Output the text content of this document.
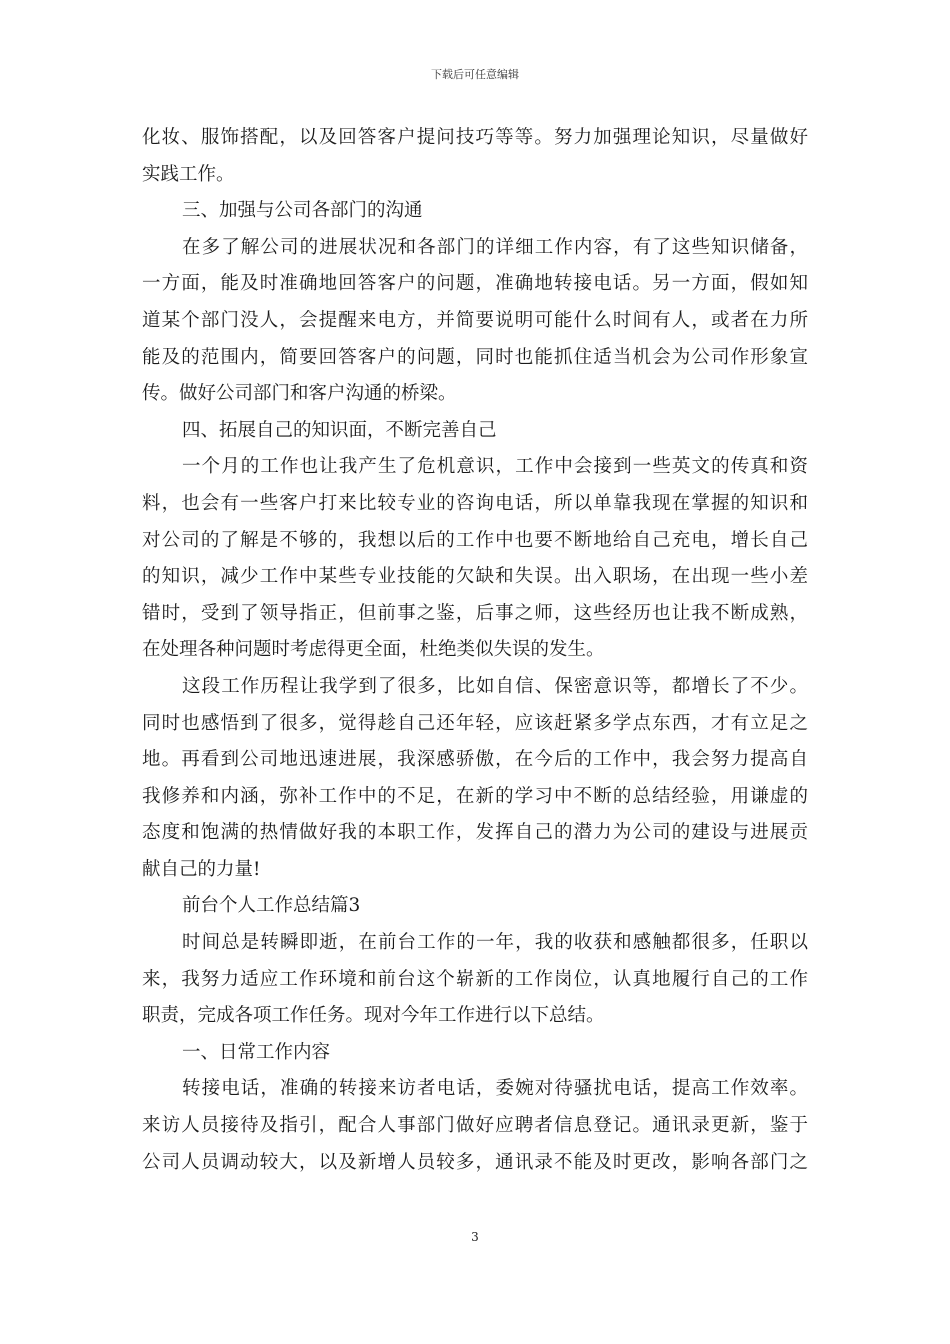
下载后可任意编辑
化妆、服饰搭配，以及回答客户提问技巧等等。努力加强理论知识，尽量做好
实践工作。
三、加强与公司各部门的沟通
在多了解公司的进展状况和各部门的详细工作内容，有了这些知识储备，
一方面，能及时准确地回答客户的问题，准确地转接电话。另一方面，假如知
道某个部门没人，会提醒来电方，并简要说明可能什么时间有人，或者在力所
能及的范围内，简要回答客户的问题，同时也能抓住适当机会为公司作形象宣
传。做好公司部门和客户沟通的桥梁。
四、拓展自己的知识面，不断完善自己
一个月的工作也让我产生了危机意识，工作中会接到一些英文的传真和资
料，也会有一些客户打来比较专业的咨询电话，所以单靠我现在掌握的知识和
对公司的了解是不够的，我想以后的工作中也要不断地给自己充电，增长自己
的知识，减少工作中某些专业技能的欠缺和失误。出入职场，在出现一些小差
错时，受到了领导指正，但前事之鉴，后事之师，这些经历也让我不断成熟，
在处理各种问题时考虑得更全面，杜绝类似失误的发生。
这段工作历程让我学到了很多，比如自信、保密意识等，都增长了不少。
同时也感悟到了很多，觉得趁自己还年轻，应该赶紧多学点东西，才有立足之
地。再看到公司地迅速进展，我深感骄傲，在今后的工作中，我会努力提高自
我修养和内涵，弥补工作中的不足，在新的学习中不断的总结经验，用谦虚的
态度和饱满的热情做好我的本职工作，发挥自己的潜力为公司的建设与进展贡
献自己的力量!
前台个人工作总结篇3
时间总是转瞬即逝，在前台工作的一年，我的收获和感触都很多，任职以
来，我努力适应工作环境和前台这个崭新的工作岗位，认真地履行自己的工作
职责，完成各项工作任务。现对今年工作进行以下总结。
一、日常工作内容
转接电话，准确的转接来访者电话，委婉对待骚扰电话，提高工作效率。
来访人员接待及指引，配合人事部门做好应聘者信息登记。通讯录更新，鉴于
公司人员调动较大，以及新增人员较多，通讯录不能及时更改，影响各部门之
3
